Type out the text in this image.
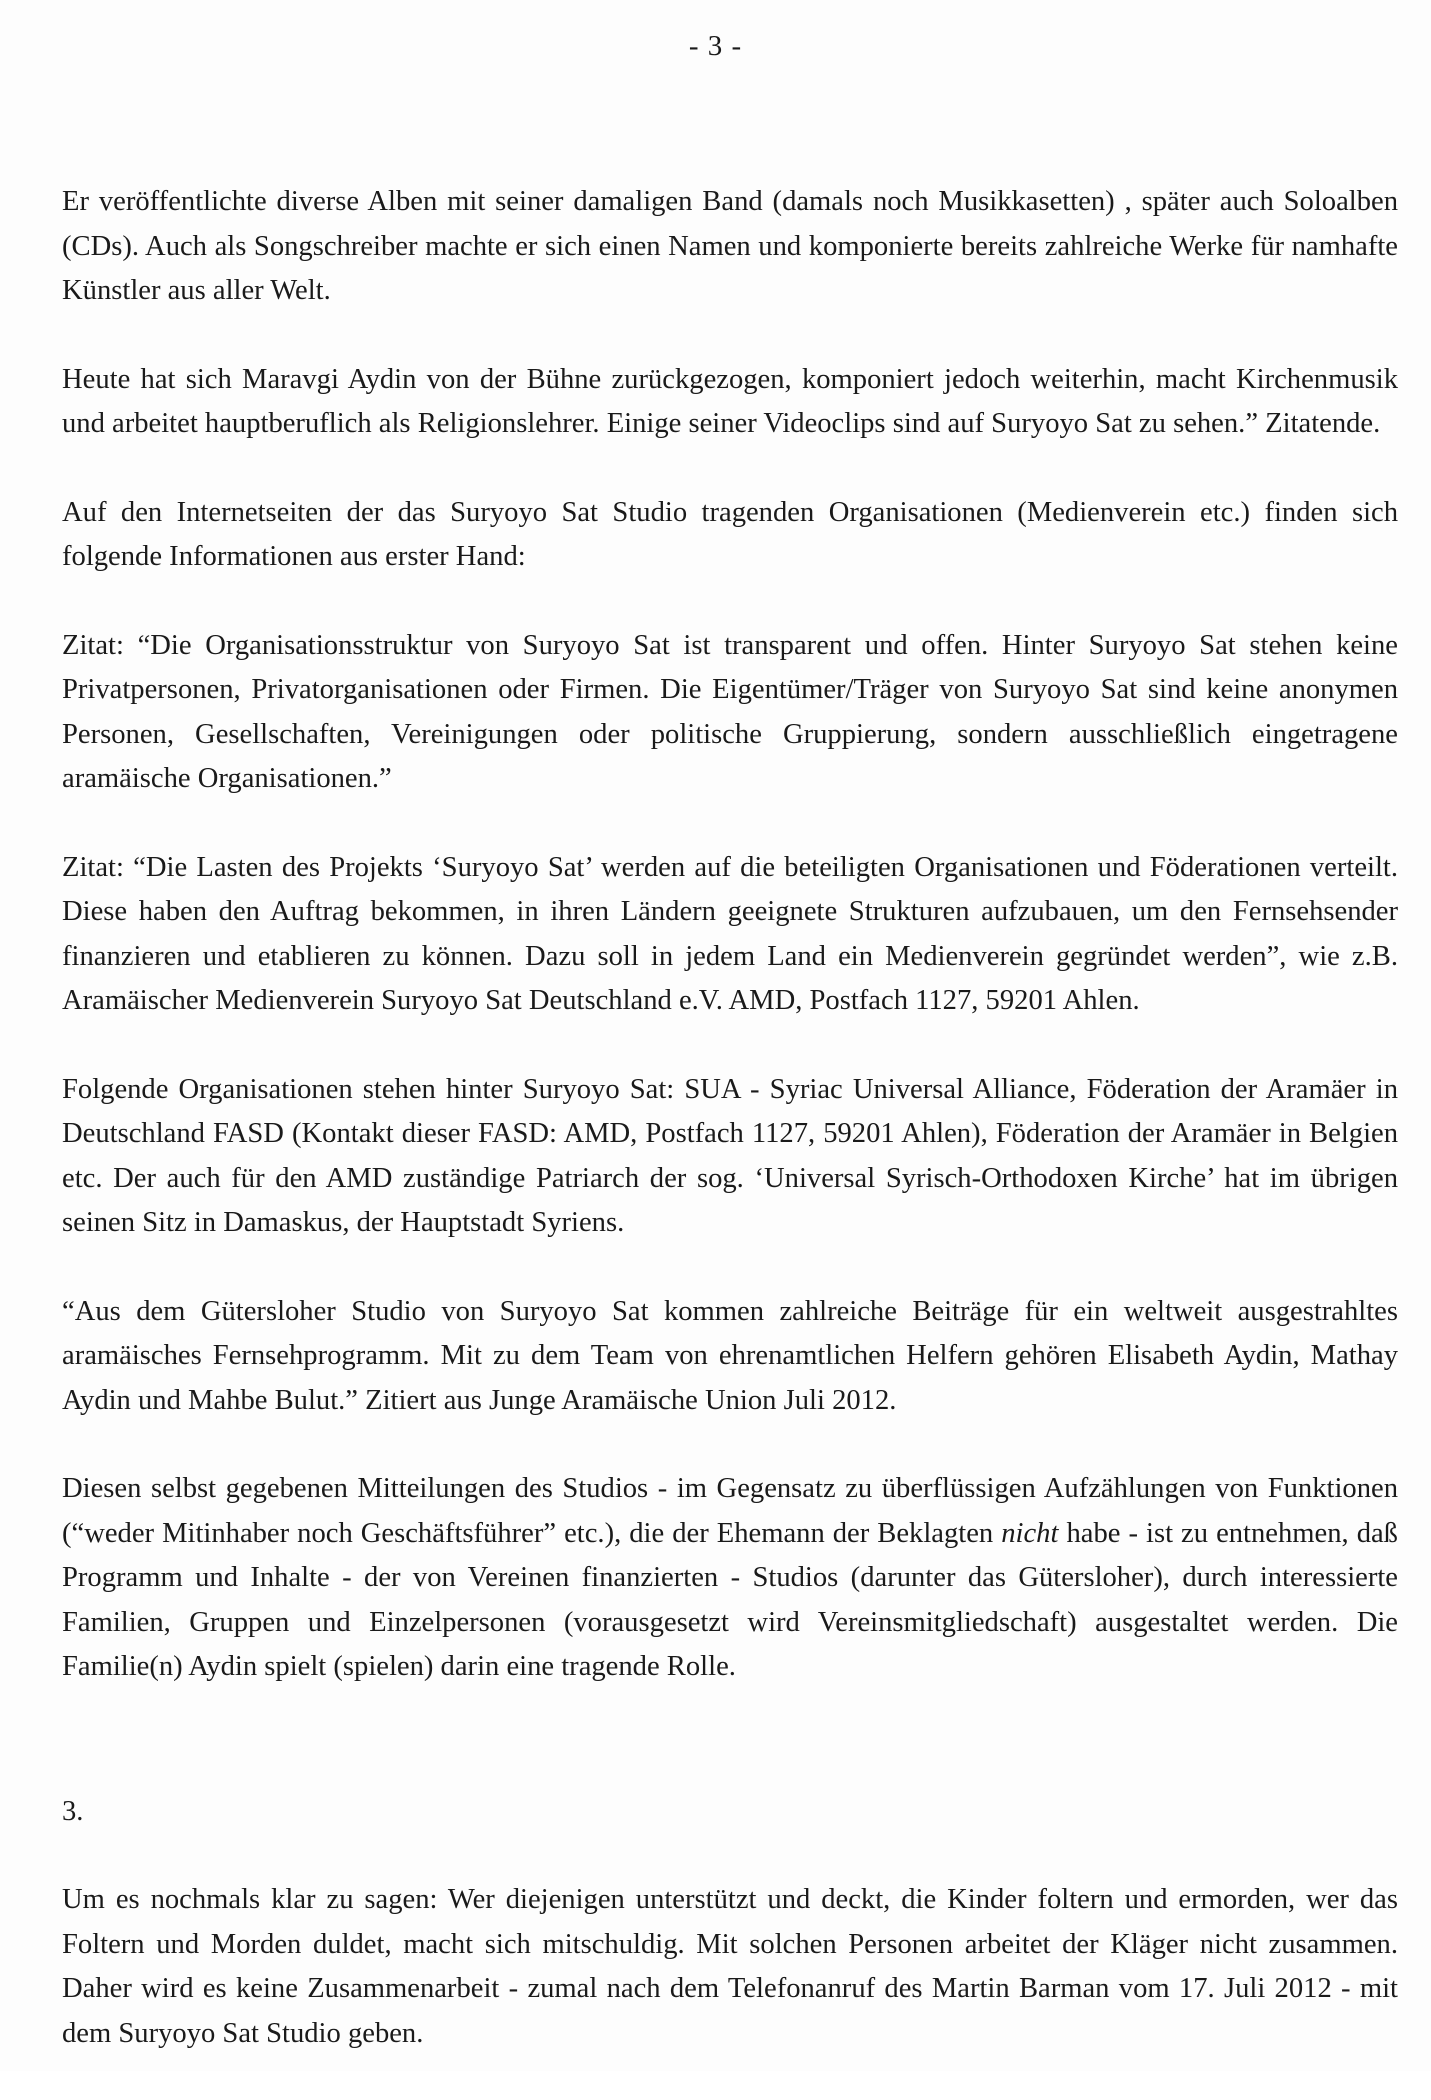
- 3 -

Er veröffentlichte diverse Alben mit seiner damaligen Band (damals noch Musikkasetten) , später auch Soloalben (CDs). Auch als Songschreiber machte er sich einen Namen und komponierte bereits zahlreiche Werke für namhafte Künstler aus aller Welt.

Heute hat sich Maravgi Aydin von der Bühne zurückgezogen, komponiert jedoch weiterhin, macht Kirchenmusik und arbeitet hauptberuflich als Religionslehrer. Einige seiner Videoclips sind auf Suryoyo Sat zu sehen.” Zitatende.

Auf den Internetseiten der das Suryoyo Sat Studio tragenden Organisationen (Medienverein etc.) finden sich folgende Informationen aus erster Hand:

Zitat: “Die Organisationsstruktur von Suryoyo Sat ist transparent und offen. Hinter Suryoyo Sat stehen keine Privatpersonen, Privatorganisationen oder Firmen. Die Eigentümer/Träger von Suryoyo Sat sind keine anonymen Personen, Gesellschaften, Vereinigungen oder politische Gruppierung, sondern ausschließlich eingetragene aramäische Organisationen.”

Zitat: “Die Lasten des Projekts ‘Suryoyo Sat’ werden auf die beteiligten Organisationen und Föderationen verteilt. Diese haben den Auftrag bekommen, in ihren Ländern geeignete Strukturen aufzubauen, um den Fernsehsender finanzieren und etablieren zu können. Dazu soll in jedem Land ein Medienverein gegründet werden”, wie z.B. Aramäischer Medienverein Suryoyo Sat Deutschland e.V. AMD, Postfach 1127, 59201 Ahlen.

Folgende Organisationen stehen hinter Suryoyo Sat: SUA - Syriac Universal Alliance, Föderation der Aramäer in Deutschland FASD (Kontakt dieser FASD: AMD, Postfach 1127, 59201 Ahlen), Föderation der Aramäer in Belgien etc. Der auch für den AMD zuständige Patriarch der sog. ‘Universal Syrisch-Orthodoxen Kirche’ hat im übrigen seinen Sitz in Damaskus, der Hauptstadt Syriens.

“Aus dem Gütersloher Studio von Suryoyo Sat kommen zahlreiche Beiträge für ein weltweit ausgestrahltes aramäisches Fernsehprogramm. Mit zu dem Team von ehrenamtlichen Helfern gehören Elisabeth Aydin, Mathay Aydin und Mahbe Bulut.” Zitiert aus Junge Aramäische Union Juli 2012.

Diesen selbst gegebenen Mitteilungen des Studios - im Gegensatz zu überflüssigen Aufzählungen von Funktionen (“weder Mitinhaber noch Geschäftsführer” etc.), die der Ehemann der Beklagten nicht habe - ist zu entnehmen, daß Programm und Inhalte - der von Vereinen finanzierten - Studios (darunter das Gütersloher), durch interessierte Familien, Gruppen und Einzelpersonen (vorausgesetzt wird Vereinsmitgliedschaft) ausgestaltet werden. Die Familie(n) Aydin spielt (spielen) darin eine tragende Rolle.

3.

Um es nochmals klar zu sagen: Wer diejenigen unterstützt und deckt, die Kinder foltern und ermorden, wer das Foltern und Morden duldet, macht sich mitschuldig. Mit solchen Personen arbeitet der Kläger nicht zusammen. Daher wird es keine Zusammenarbeit - zumal nach dem Telefonanruf des Martin Barman vom 17. Juli 2012 - mit dem Suryoyo Sat Studio geben.
